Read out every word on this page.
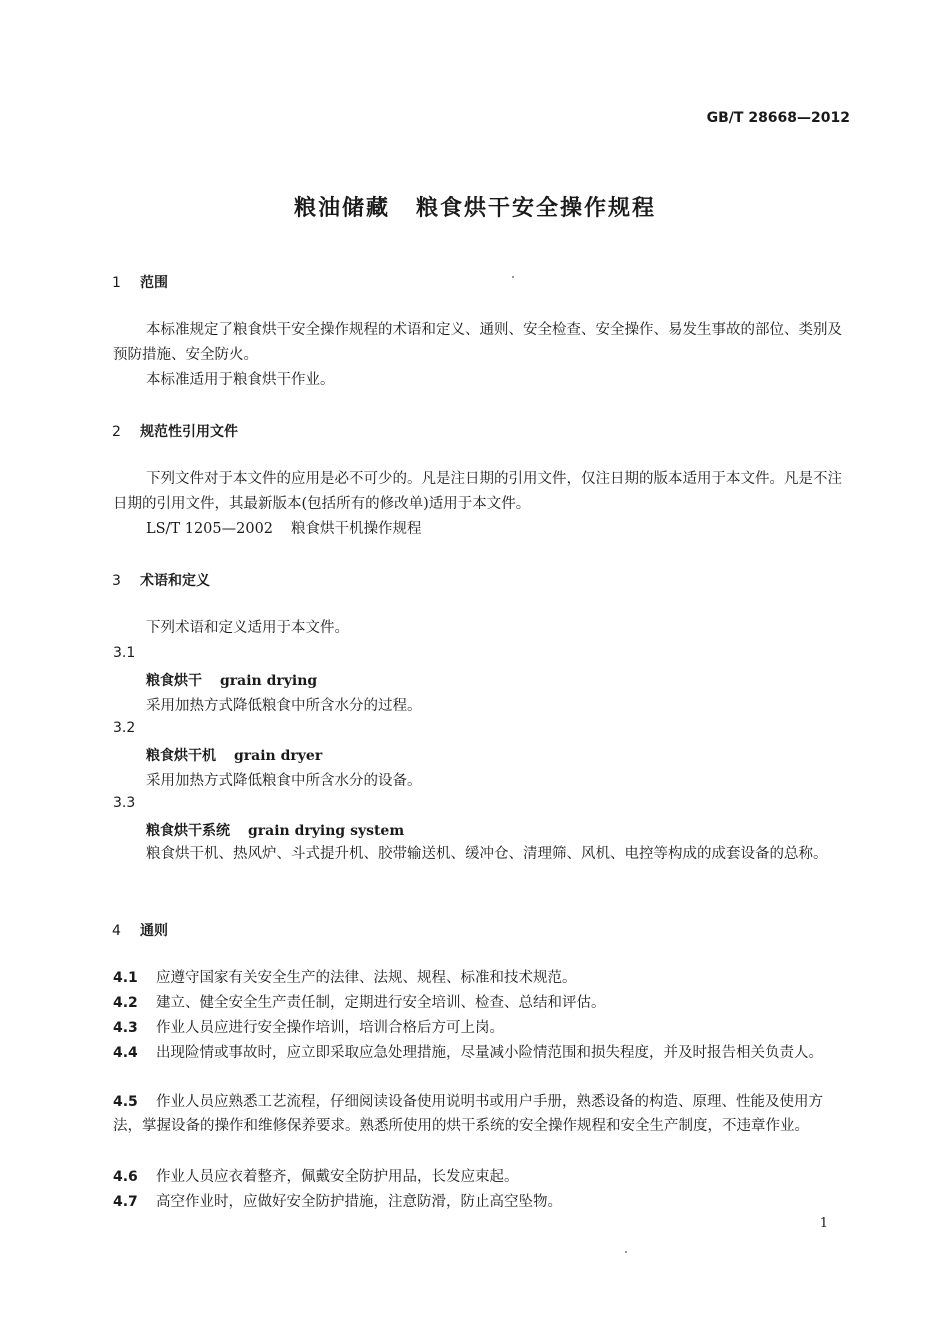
GB/T 28668—2012
粮油储藏 粮食烘干安全操作规程
1 范围
本标准规定了粮食烘干安全操作规程的术语和定义、通则、安全检查、安全操作、易发生事故的部位、类别及预防措施、安全防火。
本标准适用于粮食烘干作业。
2 规范性引用文件
下列文件对于本文件的应用是必不可少的。凡是注日期的引用文件，仅注日期的版本适用于本文件。凡是不注日期的引用文件，其最新版本(包括所有的修改单)适用于本文件。
LS/T 1205—2002 粮食烘干机操作规程
3 术语和定义
下列术语和定义适用于本文件。
3.1
粮食烘干 grain drying
采用加热方式降低粮食中所含水分的过程。
3.2
粮食烘干机 grain dryer
采用加热方式降低粮食中所含水分的设备。
3.3
粮食烘干系统 grain drying system
粮食烘干机、热风炉、斗式提升机、胶带输送机、缓冲仓、清理筛、风机、电控等构成的成套设备的总称。
4 通则
4.1 应遵守国家有关安全生产的法律、法规、规程、标准和技术规范。
4.2 建立、健全安全生产责任制，定期进行安全培训、检查、总结和评估。
4.3 作业人员应进行安全操作培训，培训合格后方可上岗。
4.4 出现险情或事故时，应立即采取应急处理措施，尽量减小险情范围和损失程度，并及时报告相关负责人。
4.5 作业人员应熟悉工艺流程，仔细阅读设备使用说明书或用户手册，熟悉设备的构造、原理、性能及使用方法，掌握设备的操作和维修保养要求。熟悉所使用的烘干系统的安全操作规程和安全生产制度，不违章作业。
4.6 作业人员应衣着整齐，佩戴安全防护用品，长发应束起。
4.7 高空作业时，应做好安全防护措施，注意防滑，防止高空坠物。
1
